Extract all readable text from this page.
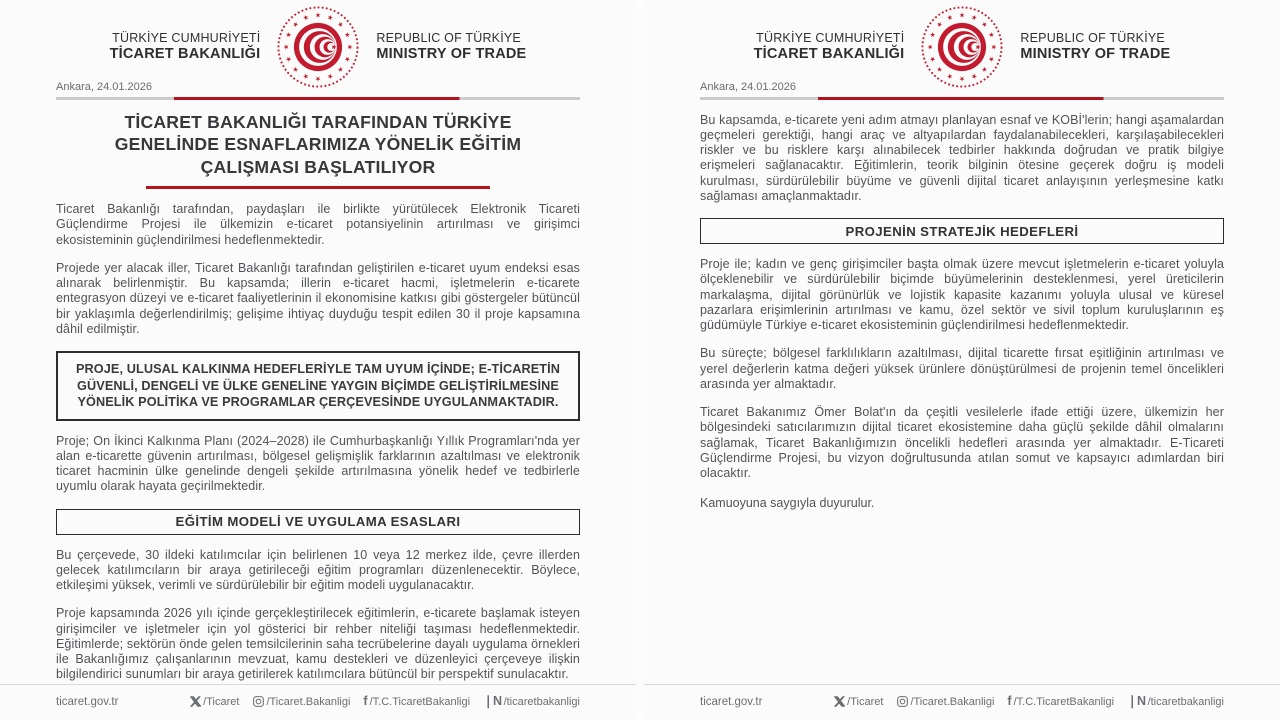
TÜRKİYE CUMHURİYETİ
TİCARET BAKANLIĞI
REPUBLIC OF TÜRKİYE
MINISTRY OF TRADE
Ankara, 24.01.2026
TİCARET BAKANLIĞI TARAFINDAN TÜRKİYE GENELİNDE ESNAFLARIMIZA YÖNELİK EĞİTİM ÇALIŞMASI BAŞLATILIYOR

Ticaret Bakanlığı tarafından, paydaşları ile birlikte yürütülecek Elektronik Ticareti Güçlendirme Projesi ile ülkemizin e-ticaret potansiyelinin artırılması ve girişimci ekosisteminin güçlendirilmesi hedeflenmektedir.

Projede yer alacak iller, Ticaret Bakanlığı tarafından geliştirilen e-ticaret uyum endeksi esas alınarak belirlenmiştir. Bu kapsamda; illerin e-ticaret hacmi, işletmelerin e-ticarete entegrasyon düzeyi ve e-ticaret faaliyetlerinin il ekonomisine katkısı gibi göstergeler bütüncül bir yaklaşımla değerlendirilmiş; gelişime ihtiyaç duyduğu tespit edilen 30 il proje kapsamına dâhil edilmiştir.

PROJE, ULUSAL KALKINMA HEDEFLERİYLE TAM UYUM İÇİNDE; E-TİCARETİN GÜVENLİ, DENGELİ VE ÜLKE GENELİNE YAYGIN BİÇİMDE GELİŞTİRİLMESİNE YÖNELİK POLİTİKA VE PROGRAMLAR ÇERÇEVESİNDE UYGULANMAKTADIR.

Proje; On İkinci Kalkınma Planı (2024–2028) ile Cumhurbaşkanlığı Yıllık Programları'nda yer alan e-ticarette güvenin artırılması, bölgesel gelişmişlik farklarının azaltılması ve elektronik ticaret hacminin ülke genelinde dengeli şekilde artırılmasına yönelik hedef ve tedbirlerle uyumlu olarak hayata geçirilmektedir.

EĞİTİM MODELİ VE UYGULAMA ESASLARI

Bu çerçevede, 30 ildeki katılımcılar için belirlenen 10 veya 12 merkez ilde, çevre illerden gelecek katılımcıların bir araya getirileceği eğitim programları düzenlenecektir. Böylece, etkileşimi yüksek, verimli ve sürdürülebilir bir eğitim modeli uygulanacaktır.

Proje kapsamında 2026 yılı içinde gerçekleştirilecek eğitimlerin, e-ticarete başlamak isteyen girişimciler ve işletmeler için yol gösterici bir rehber niteliği taşıması hedeflenmektedir. Eğitimlerde; sektörün önde gelen temsilcilerinin saha tecrübelerine dayalı uygulama örnekleri ile Bakanlığımız çalışanlarının mevzuat, kamu destekleri ve düzenleyici çerçeveye ilişkin bilgilendirici sunumları bir araya getirilerek katılımcılara bütüncül bir perspektif sunulacaktır.

ticaret.gov.tr	/Ticaret /Ticaret.Bakanligi f /T.C.TicaretBakanligi ❘N /ticaretbakanligi
TÜRKİYE CUMHURİYETİ
TİCARET BAKANLIĞI
REPUBLIC OF TÜRKİYE
MINISTRY OF TRADE
Ankara, 24.01.2026

Bu kapsamda, e-ticarete yeni adım atmayı planlayan esnaf ve KOBİ'lerin; hangi aşamalardan geçmeleri gerektiği, hangi araç ve altyapılardan faydalanabilecekleri, karşılaşabilecekleri riskler ve bu risklere karşı alınabilecek tedbirler hakkında doğrudan ve pratik bilgiye erişmeleri sağlanacaktır. Eğitimlerin, teorik bilginin ötesine geçerek doğru iş modeli kurulması, sürdürülebilir büyüme ve güvenli dijital ticaret anlayışının yerleşmesine katkı sağlaması amaçlanmaktadır.

PROJENİN STRATEJİK HEDEFLERİ

Proje ile; kadın ve genç girişimciler başta olmak üzere mevcut işletmelerin e-ticaret yoluyla ölçeklenebilir ve sürdürülebilir biçimde büyümelerinin desteklenmesi, yerel üreticilerin markalaşma, dijital görünürlük ve lojistik kapasite kazanımı yoluyla ulusal ve küresel pazarlara erişimlerinin artırılması ve kamu, özel sektör ve sivil toplum kuruluşlarının eş güdümüyle Türkiye e-ticaret ekosisteminin güçlendirilmesi hedeflenmektedir.

Bu süreçte; bölgesel farklılıkların azaltılması, dijital ticarette fırsat eşitliğinin artırılması ve yerel değerlerin katma değeri yüksek ürünlere dönüştürülmesi de projenin temel öncelikleri arasında yer almaktadır.

Ticaret Bakanımız Ömer Bolat'ın da çeşitli vesilelerle ifade ettiği üzere, ülkemizin her bölgesindeki satıcılarımızın dijital ticaret ekosistemine daha güçlü şekilde dâhil olmalarını sağlamak, Ticaret Bakanlığımızın öncelikli hedefleri arasında yer almaktadır. E-Ticareti Güçlendirme Projesi, bu vizyon doğrultusunda atılan somut ve kapsayıcı adımlardan biri olacaktır.

Kamuoyuna saygıyla duyurulur.

ticaret.gov.tr	/Ticaret /Ticaret.Bakanligi f /T.C.TicaretBakanligi ❘N /ticaretbakanligi
